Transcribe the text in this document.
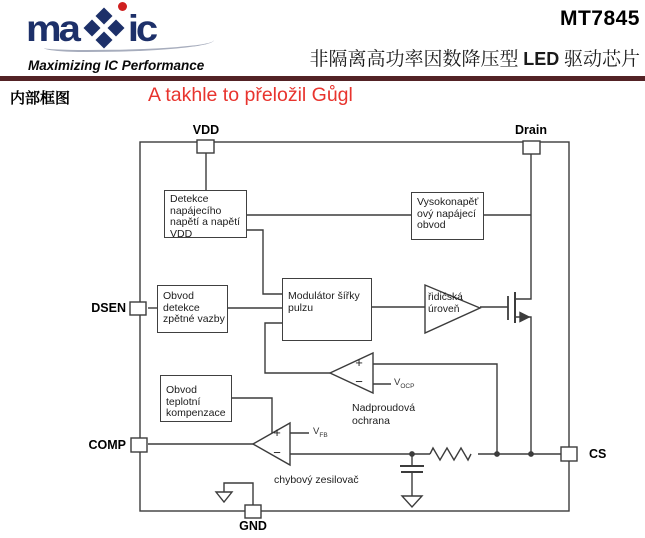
ma ic
Maximizing IC Performance
MT7845
非隔离高功率因数降压型 LED 驱动芯片
内部框图	A takhle to přeložil Gůgl
VDD	Drain
DSEN
COMP
GND
CS
Detekce
napájecího
napětí a napětí
VDD
Vysokonapěť
ový napájecí
obvod
Obvod
detekce
zpětné vazby
Modulátor šířky
pulzu
Obvod teplotní
kompenzace
řidičská
úroveň
+
−
+
−
$V_{FB}$
$V_{OCP}$
Nadproudová
ochrana
chybový zesilovač
